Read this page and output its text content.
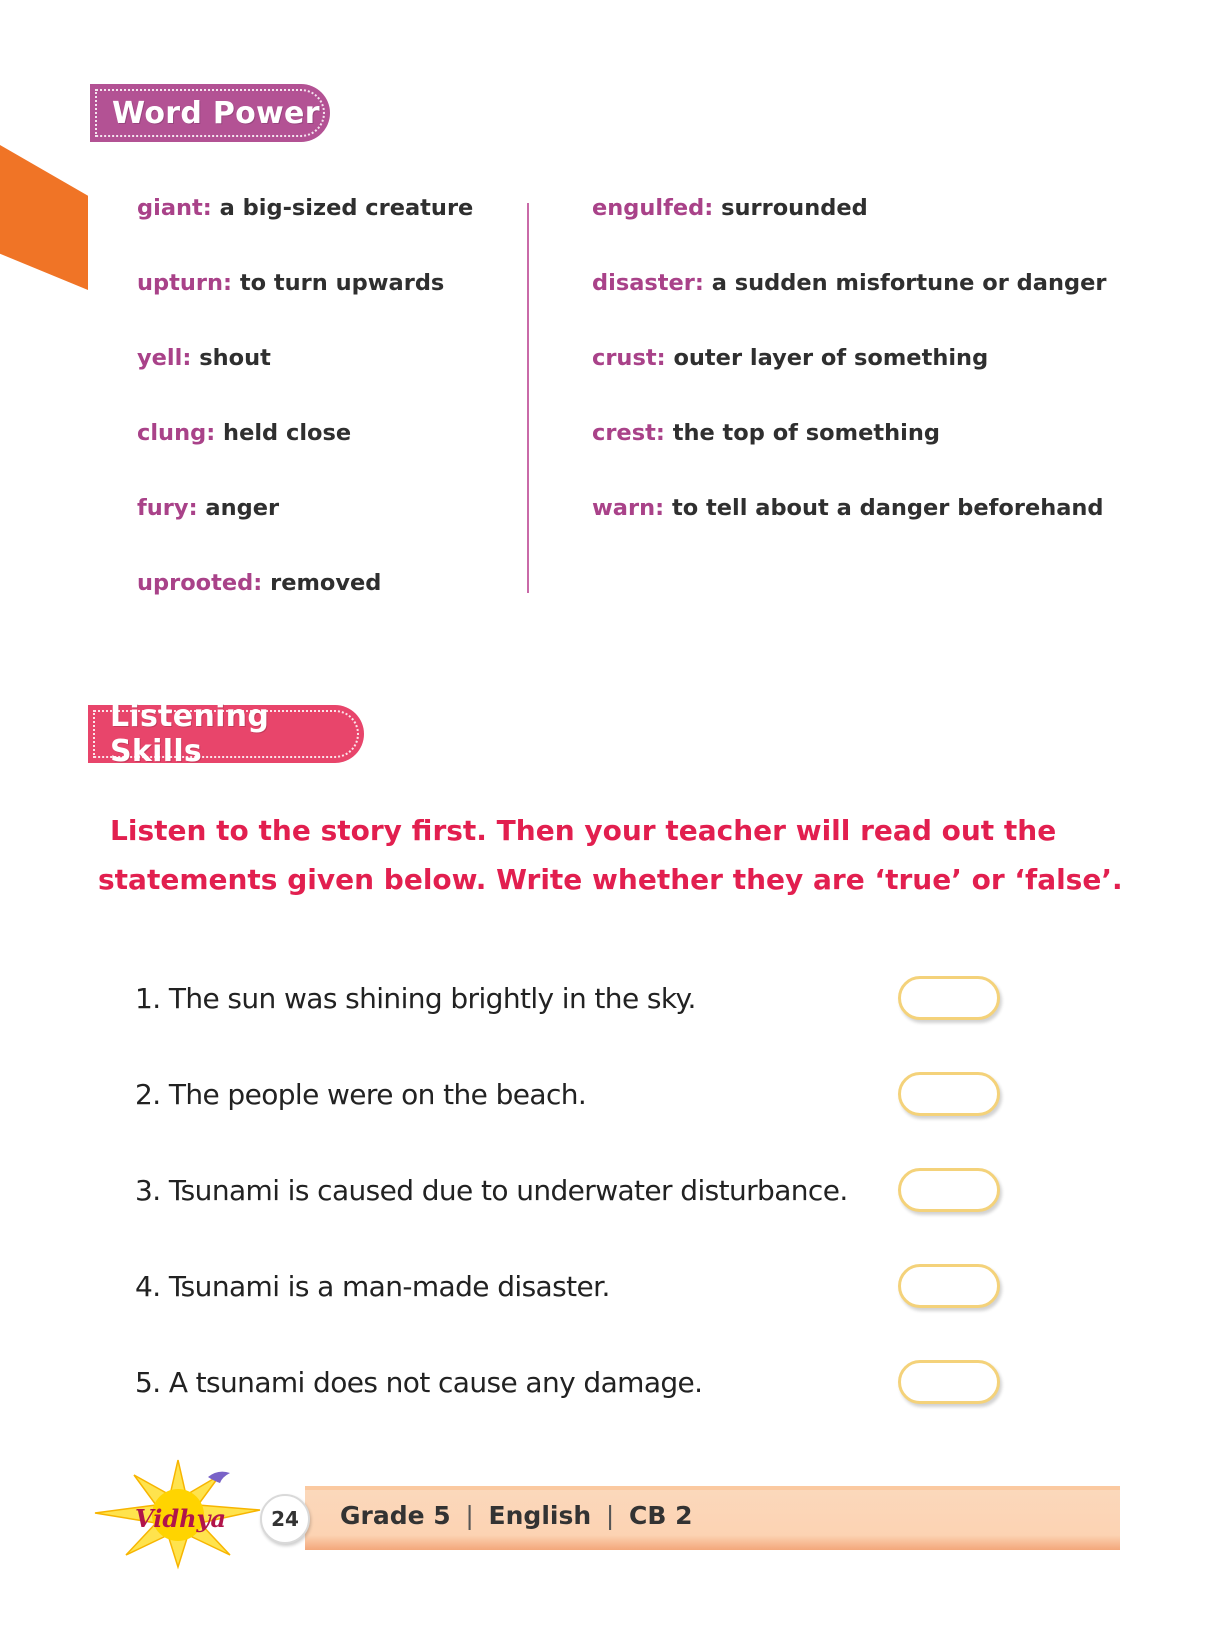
Word Power
giant: a big-sized creature
upturn: to turn upwards
yell: shout
clung: held close
fury: anger
uprooted: removed
engulfed: surrounded
disaster: a sudden misfortune or danger
crust: outer layer of something
crest: the top of something
warn: to tell about a danger beforehand
Listening Skills
Listen to the story first. Then your teacher will read out the
statements given below. Write whether they are ‘true’ or ‘false’.
1. The sun was shining brightly in the sky.
2. The people were on the beach.
3. Tsunami is caused due to underwater disturbance.
4. Tsunami is a man-made disaster.
5. A tsunami does not cause any damage.
Vidhya	24	Grade 5 | English | CB 2
